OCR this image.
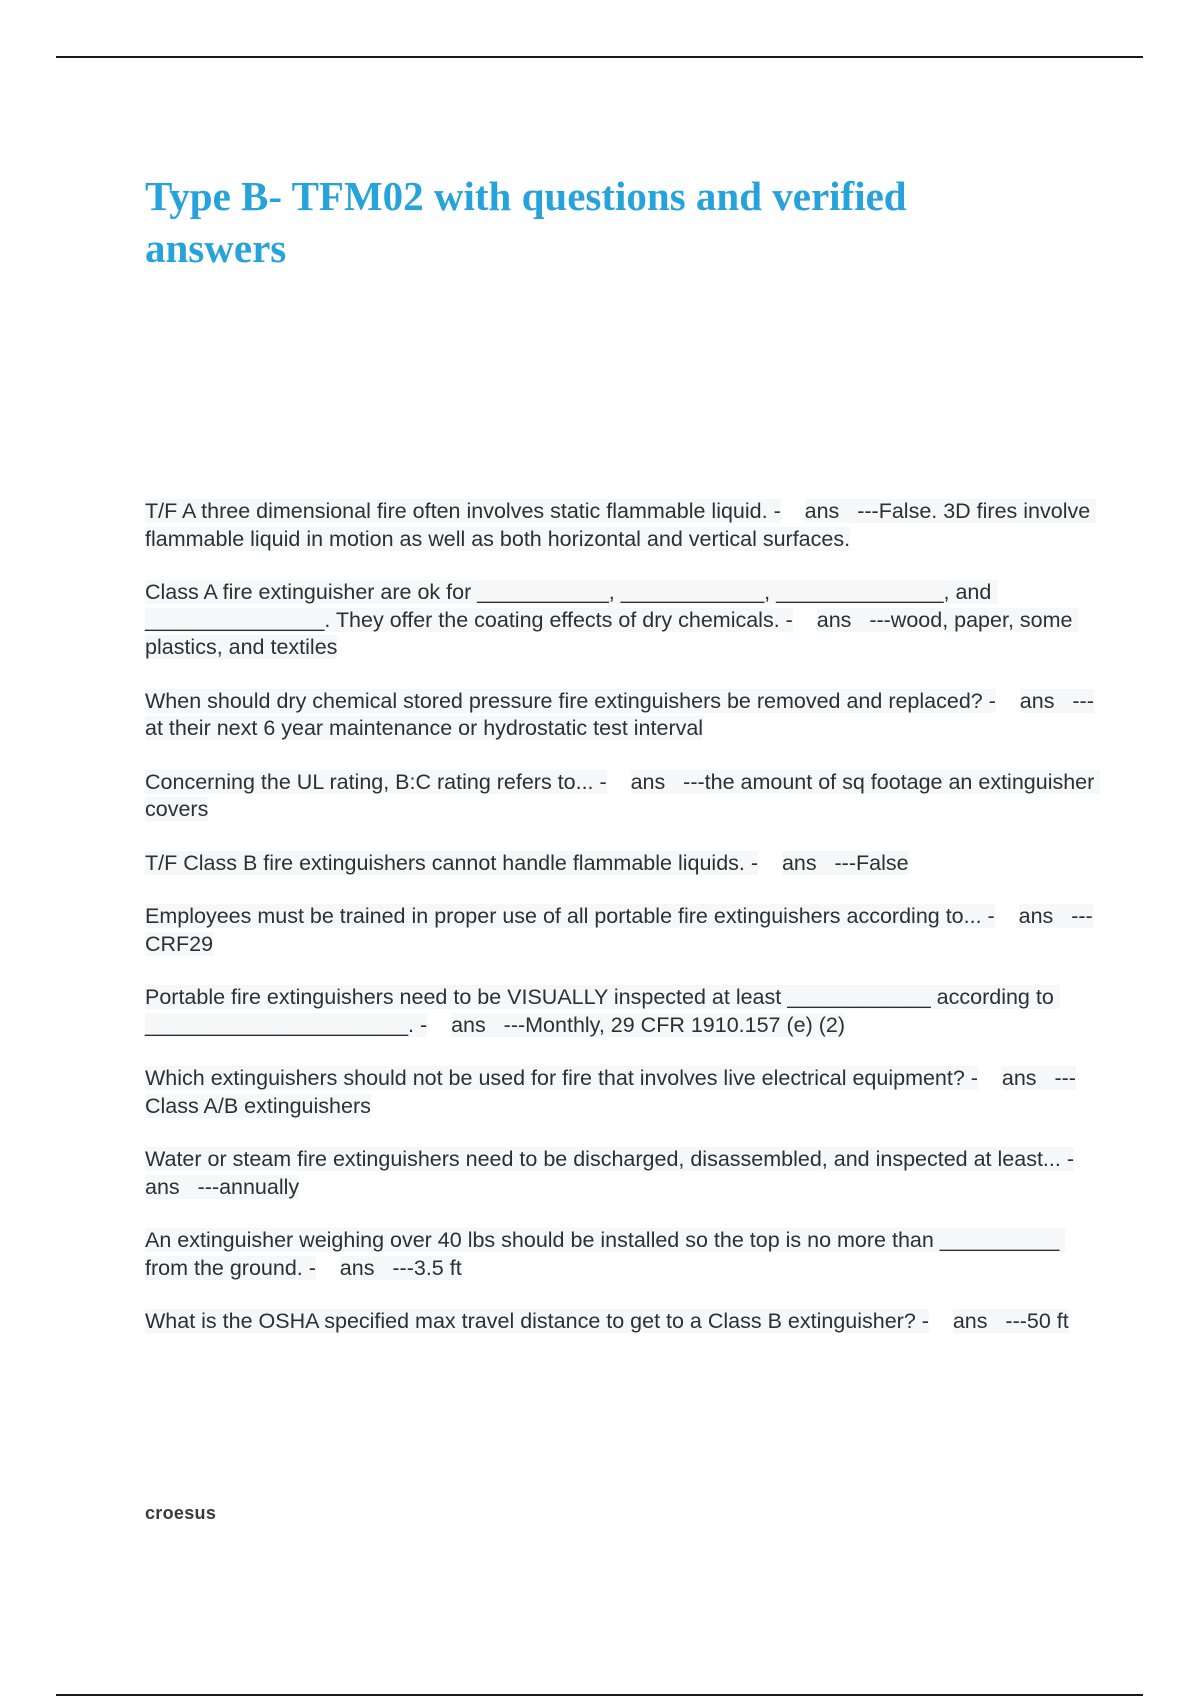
Type B- TFM02 with questions and verified answers

T/F A three dimensional fire often involves static flammable liquid. - ans   ---False. 3D fires involve flammable liquid in motion as well as both horizontal and vertical surfaces.

Class A fire extinguisher are ok for ___________, ____________, ______________, and _______________. They offer the coating effects of dry chemicals. - ans   ---wood, paper, some plastics, and textiles

When should dry chemical stored pressure fire extinguishers be removed and replaced? - ans   ---at their next 6 year maintenance or hydrostatic test interval

Concerning the UL rating, B:C rating refers to... - ans   ---the amount of sq footage an extinguisher covers

T/F Class B fire extinguishers cannot handle flammable liquids. - ans   ---False

Employees must be trained in proper use of all portable fire extinguishers according to... - ans   ---CRF29

Portable fire extinguishers need to be VISUALLY inspected at least ____________ according to ______________________. - ans   ---Monthly, 29 CFR 1910.157 (e) (2)

Which extinguishers should not be used for fire that involves live electrical equipment? - ans   ---Class A/B extinguishers

Water or steam fire extinguishers need to be discharged, disassembled, and inspected at least... -    ans   ---annually

An extinguisher weighing over 40 lbs should be installed so the top is no more than __________ from the ground. - ans   ---3.5 ft

What is the OSHA specified max travel distance to get to a Class B extinguisher? - ans   ---50 ft

croesus
